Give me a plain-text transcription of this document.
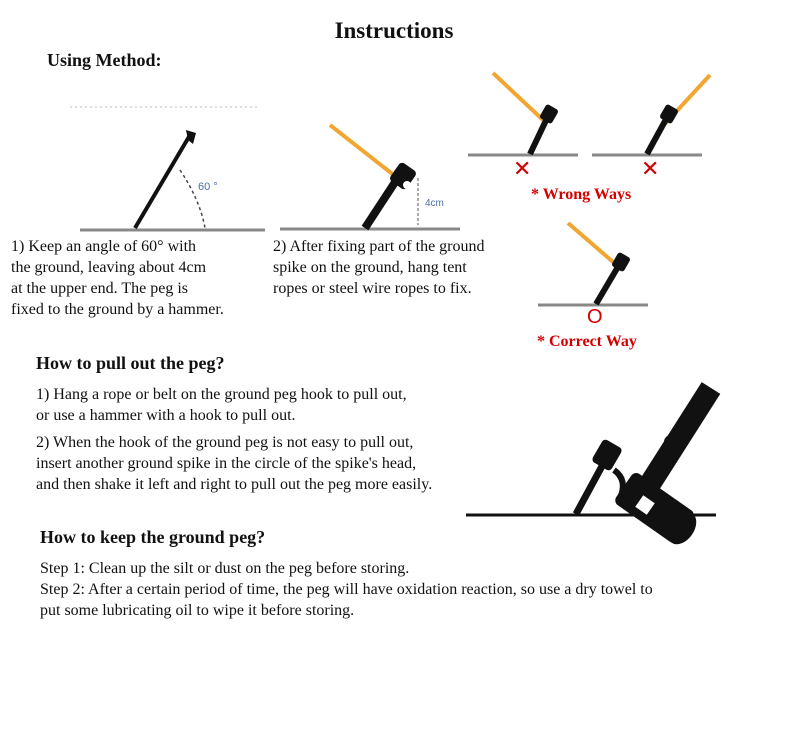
Instructions
Using Method:
60 °
4cm
1) Keep an angle of 60° with
the ground, leaving about 4cm
at the upper end. The peg is
fixed to the ground by a hammer.
2) After fixing part of the ground
spike on the ground, hang tent
ropes or steel wire ropes to fix.
✕	✕
* Wrong Ways
O
* Correct Way
How to pull out the peg?
1) Hang a rope or belt on the ground peg hook to pull out,
or use a hammer with a hook to pull out.
2) When the hook of the ground peg is not easy to pull out,
insert another ground spike in the circle of the spike's head,
and then shake it left and right to pull out the peg more easily.
How to keep the ground peg?
Step 1: Clean up the silt or dust on the peg before storing.
Step 2: After a certain period of time, the peg will have oxidation reaction, so use a dry towel to
put some lubricating oil to wipe it before storing.
